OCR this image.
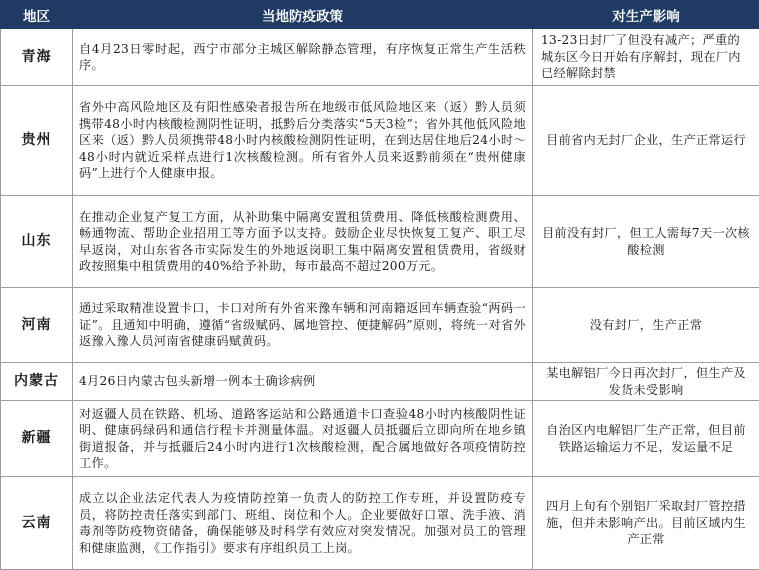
地区	当地防疫政策	对生产影响
青海	自4月23日零时起，西宁市部分主城区解除静态管理，有序恢复正常生产生活秩序。	13-23日封厂了但没有减产；严重的城东区今日开始有序解封，现在厂内已经解除封禁
贵州	省外中高风险地区及有阳性感染者报告所在地级市低风险地区来（返）黔人员须携带48小时内核酸检测阴性证明，抵黔后分类落实“5天3检”；省外其他低风险地区来（返）黔人员须携带48小时内核酸检测阴性证明，在到达居住地后24小时～48小时内就近采样点进行1次核酸检测。所有省外人员来返黔前须在“贵州健康码”上进行个人健康申报。	目前省内无封厂企业，生产正常运行
山东	在推动企业复产复工方面，从补助集中隔离安置租赁费用、降低核酸检测费用、畅通物流、帮助企业招用工等方面予以支持。鼓励企业尽快恢复工复产、职工尽早返岗，对山东省各市实际发生的外地返岗职工集中隔离安置租赁费用，省级财政按照集中租赁费用的40%给予补助，每市最高不超过200万元。	目前没有封厂，但工人需每7天一次核酸检测
河南	通过采取精准设置卡口，卡口对所有外省来豫车辆和河南籍返回车辆查验“两码一证”。且通知中明确，遵循“省级赋码、属地管控、便捷解码”原则，将统一对省外返豫入豫人员河南省健康码赋黄码。	没有封厂，生产正常
内蒙古	4月26日内蒙古包头新增一例本土确诊病例	某电解铝厂今日再次封厂，但生产及发货未受影响
新疆	对返疆人员在铁路、机场、道路客运站和公路通道卡口查验48小时内核酸阴性证明、健康码绿码和通信行程卡并测量体温。对返疆人员抵疆后立即向所在地乡镇街道报备，并与抵疆后24小时内进行1次核酸检测，配合属地做好各项疫情防控工作。	自治区内电解铝厂生产正常，但目前铁路运输运力不足，发运量不足
云南	成立以企业法定代表人为疫情防控第一负责人的防控工作专班，并设置防疫专员，将防控责任落实到部门、班组、岗位和个人。企业要做好口罩、洗手液、消毒剂等防疫物资储备，确保能够及时科学有效应对突发情况。加强对员工的管理和健康监测，《工作指引》要求有序组织员工上岗。	四月上旬有个别铝厂采取封厂管控措施，但并未影响产出。目前区域内生产正常
